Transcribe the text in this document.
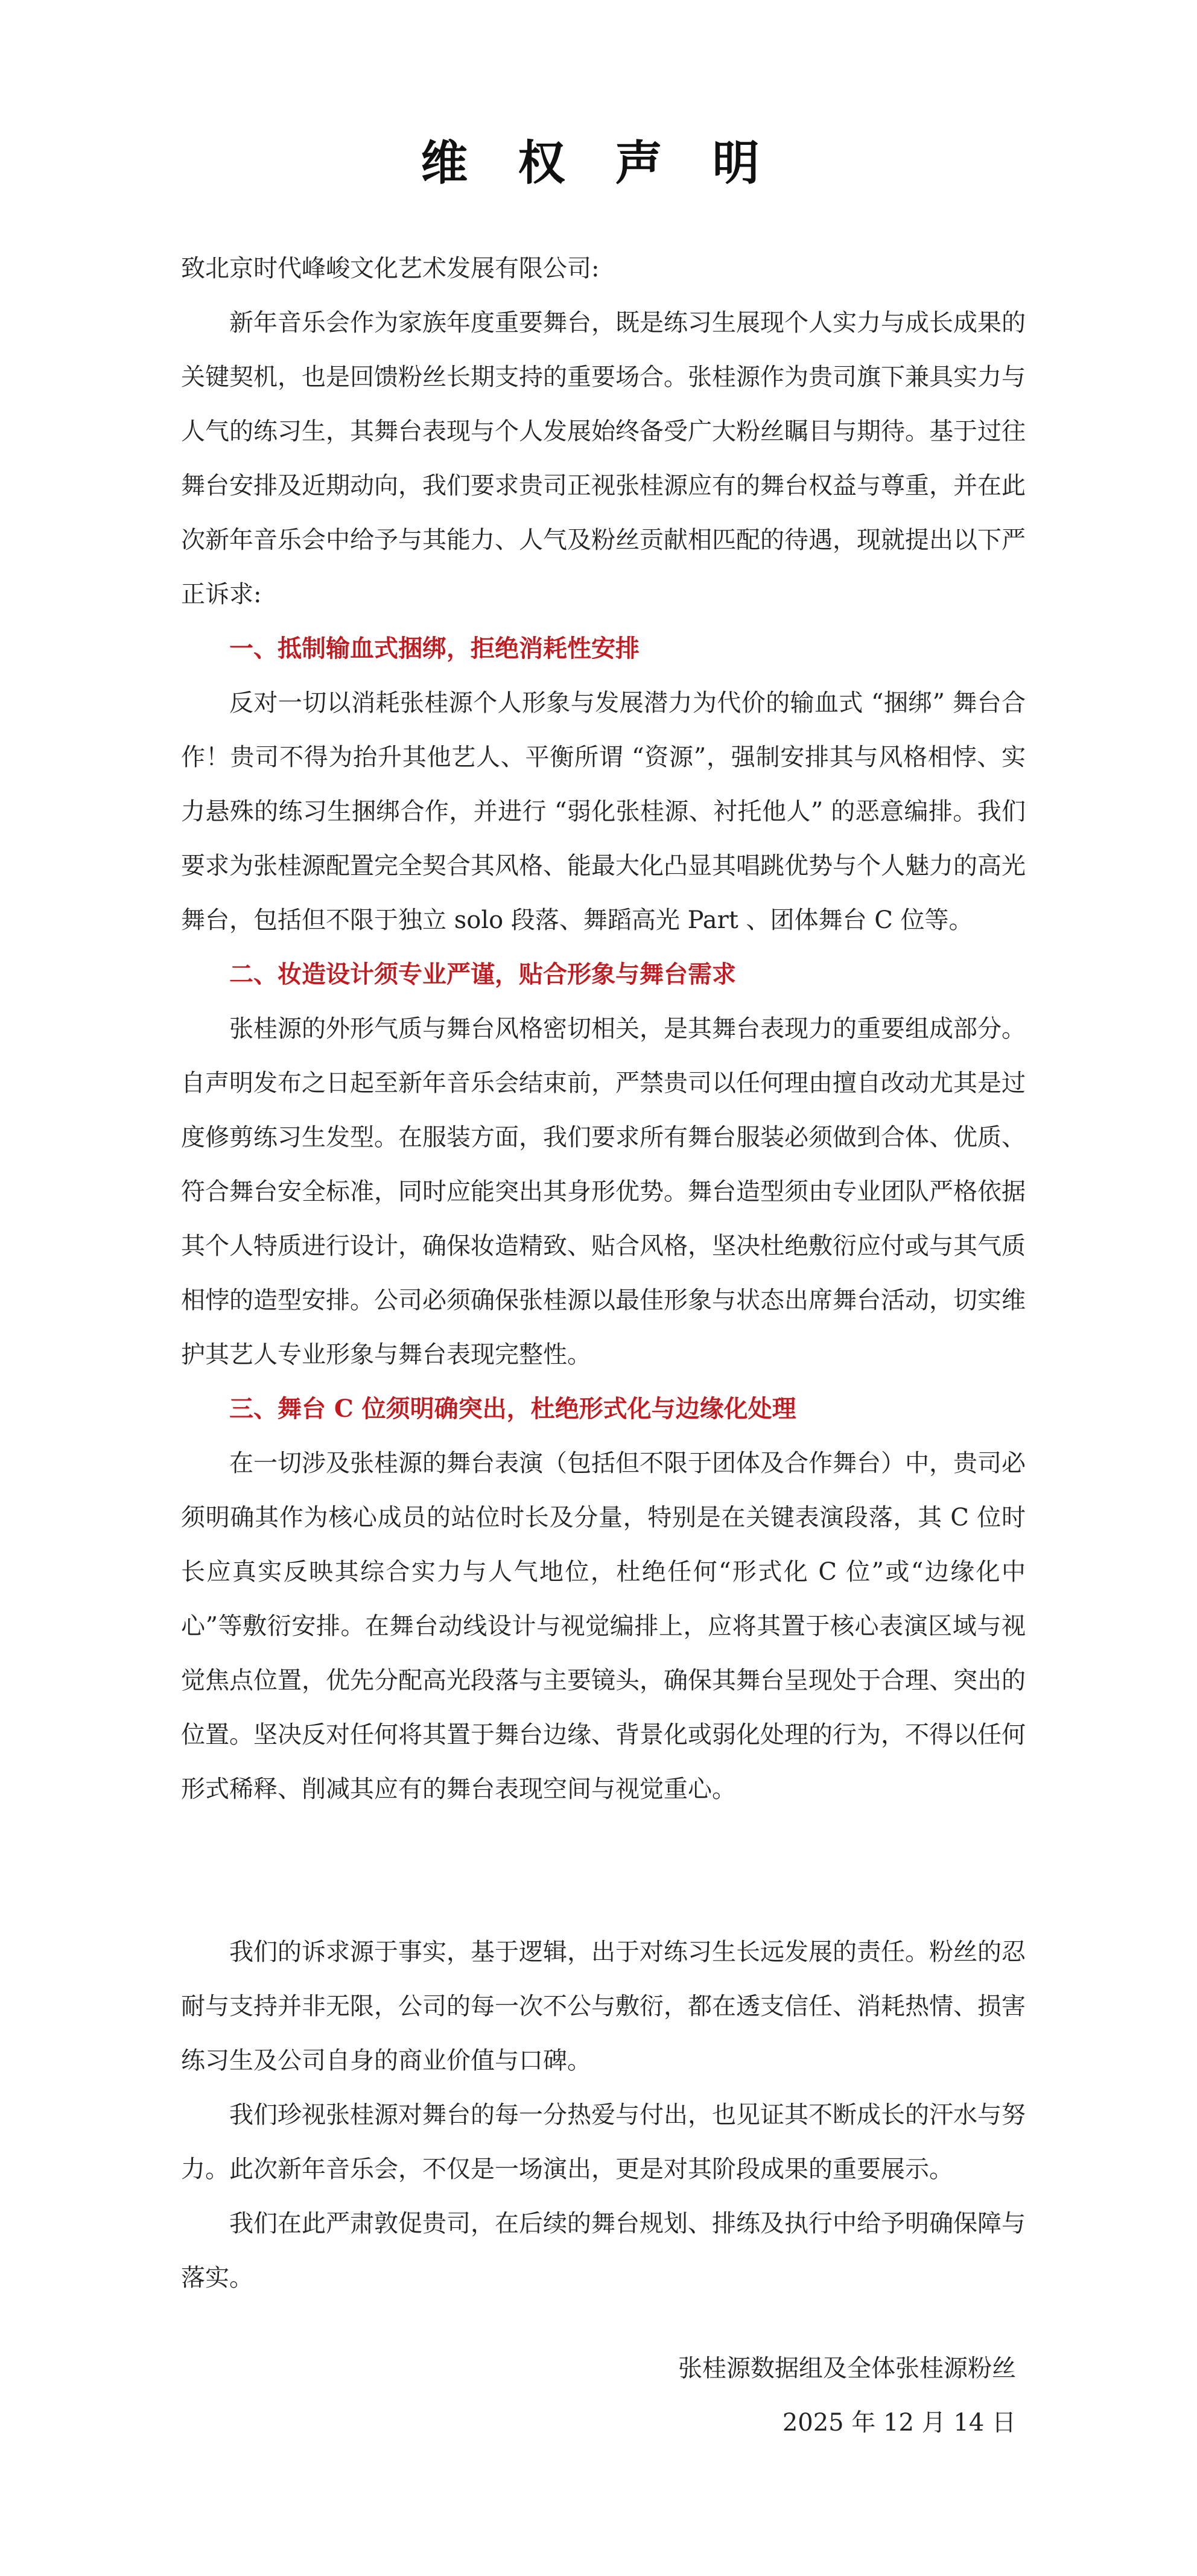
维 权 声 明

致北京时代峰峻文化艺术发展有限公司:

新年音乐会作为家族年度重要舞台，既是练习生展现个人实力与成长成果的关键契机，也是回馈粉丝长期支持的重要场合。张桂源作为贵司旗下兼具实力与人气的练习生，其舞台表现与个人发展始终备受广大粉丝瞩目与期待。基于过往舞台安排及近期动向，我们要求贵司正视张桂源应有的舞台权益与尊重，并在此次新年音乐会中给予与其能力、人气及粉丝贡献相匹配的待遇，现就提出以下严正诉求:

一、抵制输血式捆绑，拒绝消耗性安排

反对一切以消耗张桂源个人形象与发展潜力为代价的输血式 “捆绑” 舞台合作！贵司不得为抬升其他艺人、平衡所谓 “资源”，强制安排其与风格相悖、实力悬殊的练习生捆绑合作，并进行 “弱化张桂源、衬托他人” 的恶意编排。我们要求为张桂源配置完全契合其风格、能最大化凸显其唱跳优势与个人魅力的高光舞台，包括但不限于独立 solo 段落、舞蹈高光 Part 、团体舞台 C 位等。

二、妆造设计须专业严谨，贴合形象与舞台需求

张桂源的外形气质与舞台风格密切相关，是其舞台表现力的重要组成部分。自声明发布之日起至新年音乐会结束前，严禁贵司以任何理由擅自改动尤其是过度修剪练习生发型。在服装方面，我们要求所有舞台服装必须做到合体、优质、符合舞台安全标准，同时应能突出其身形优势。舞台造型须由专业团队严格依据其个人特质进行设计，确保妆造精致、贴合风格，坚决杜绝敷衍应付或与其气质相悖的造型安排。公司必须确保张桂源以最佳形象与状态出席舞台活动，切实维护其艺人专业形象与舞台表现完整性。

三、舞台 C 位须明确突出，杜绝形式化与边缘化处理

在一切涉及张桂源的舞台表演（包括但不限于团体及合作舞台）中，贵司必须明确其作为核心成员的站位时长及分量，特别是在关键表演段落，其 C 位时长应真实反映其综合实力与人气地位，杜绝任何“形式化 C 位”或“边缘化中心”等敷衍安排。在舞台动线设计与视觉编排上，应将其置于核心表演区域与视觉焦点位置，优先分配高光段落与主要镜头，确保其舞台呈现处于合理、突出的位置。坚决反对任何将其置于舞台边缘、背景化或弱化处理的行为，不得以任何形式稀释、削减其应有的舞台表现空间与视觉重心。

我们的诉求源于事实，基于逻辑，出于对练习生长远发展的责任。粉丝的忍耐与支持并非无限，公司的每一次不公与敷衍，都在透支信任、消耗热情、损害练习生及公司自身的商业价值与口碑。

我们珍视张桂源对舞台的每一分热爱与付出，也见证其不断成长的汗水与努力。此次新年音乐会，不仅是一场演出，更是对其阶段成果的重要展示。

我们在此严肃敦促贵司，在后续的舞台规划、排练及执行中给予明确保障与落实。

张桂源数据组及全体张桂源粉丝

2025 年 12 月 14 日
